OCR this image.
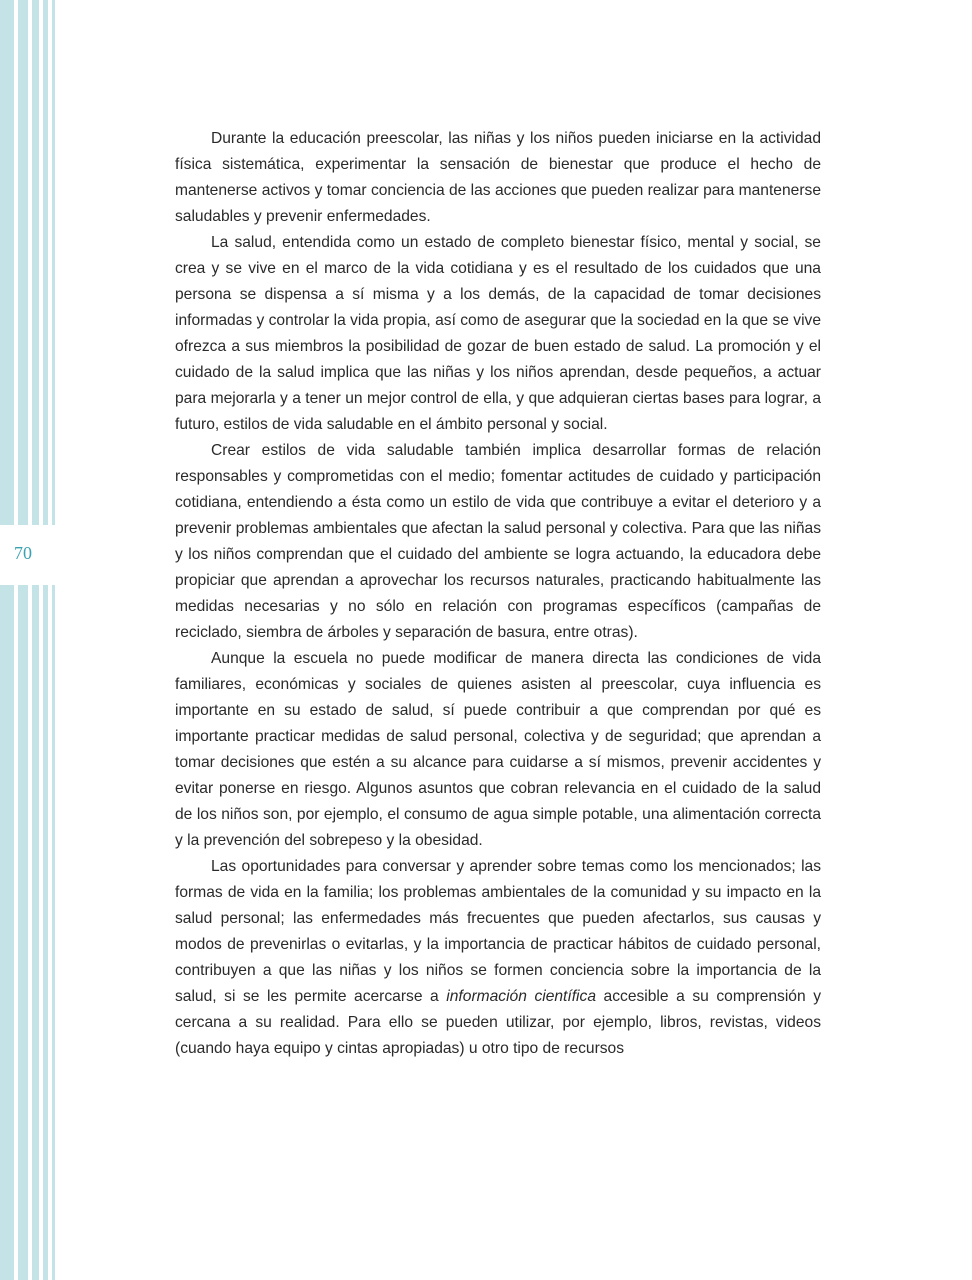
70

Durante la educación preescolar, las niñas y los niños pueden iniciarse en la actividad física sistemática, experimentar la sensación de bienestar que produce el hecho de mantenerse activos y tomar conciencia de las acciones que pueden realizar para mantenerse saludables y prevenir enfermedades.

La salud, entendida como un estado de completo bienestar físico, mental y social, se crea y se vive en el marco de la vida cotidiana y es el resultado de los cuidados que una persona se dispensa a sí misma y a los demás, de la capacidad de tomar decisiones informadas y controlar la vida propia, así como de asegurar que la sociedad en la que se vive ofrezca a sus miembros la posibilidad de gozar de buen estado de salud. La promoción y el cuidado de la salud implica que las niñas y los niños aprendan, desde pequeños, a actuar para mejorarla y a tener un mejor control de ella, y que adquieran ciertas bases para lograr, a futuro, estilos de vida saludable en el ámbito personal y social.

Crear estilos de vida saludable también implica desarrollar formas de relación responsables y comprometidas con el medio; fomentar actitudes de cuidado y participación cotidiana, entendiendo a ésta como un estilo de vida que contribuye a evitar el deterioro y a prevenir problemas ambientales que afectan la salud personal y colectiva. Para que las niñas y los niños comprendan que el cuidado del ambiente se logra actuando, la educadora debe propiciar que aprendan a aprovechar los recursos naturales, practicando habitualmente las medidas necesarias y no sólo en relación con programas específicos (campañas de reciclado, siembra de árboles y separación de basura, entre otras).

Aunque la escuela no puede modificar de manera directa las condiciones de vida familiares, económicas y sociales de quienes asisten al preescolar, cuya influencia es importante en su estado de salud, sí puede contribuir a que comprendan por qué es importante practicar medidas de salud personal, colectiva y de seguridad; que aprendan a tomar decisiones que estén a su alcance para cuidarse a sí mismos, prevenir accidentes y evitar ponerse en riesgo. Algunos asuntos que cobran relevancia en el cuidado de la salud de los niños son, por ejemplo, el consumo de agua simple potable, una alimentación correcta y la prevención del sobrepeso y la obesidad.

Las oportunidades para conversar y aprender sobre temas como los mencionados; las formas de vida en la familia; los problemas ambientales de la comunidad y su impacto en la salud personal; las enfermedades más frecuentes que pueden afectarlos, sus causas y modos de prevenirlas o evitarlas, y la importancia de practicar hábitos de cuidado personal, contribuyen a que las niñas y los niños se formen conciencia sobre la importancia de la salud, si se les permite acercarse a información científica accesible a su comprensión y cercana a su realidad. Para ello se pueden utilizar, por ejemplo, libros, revistas, videos (cuando haya equipo y cintas apropiadas) u otro tipo de recursos
